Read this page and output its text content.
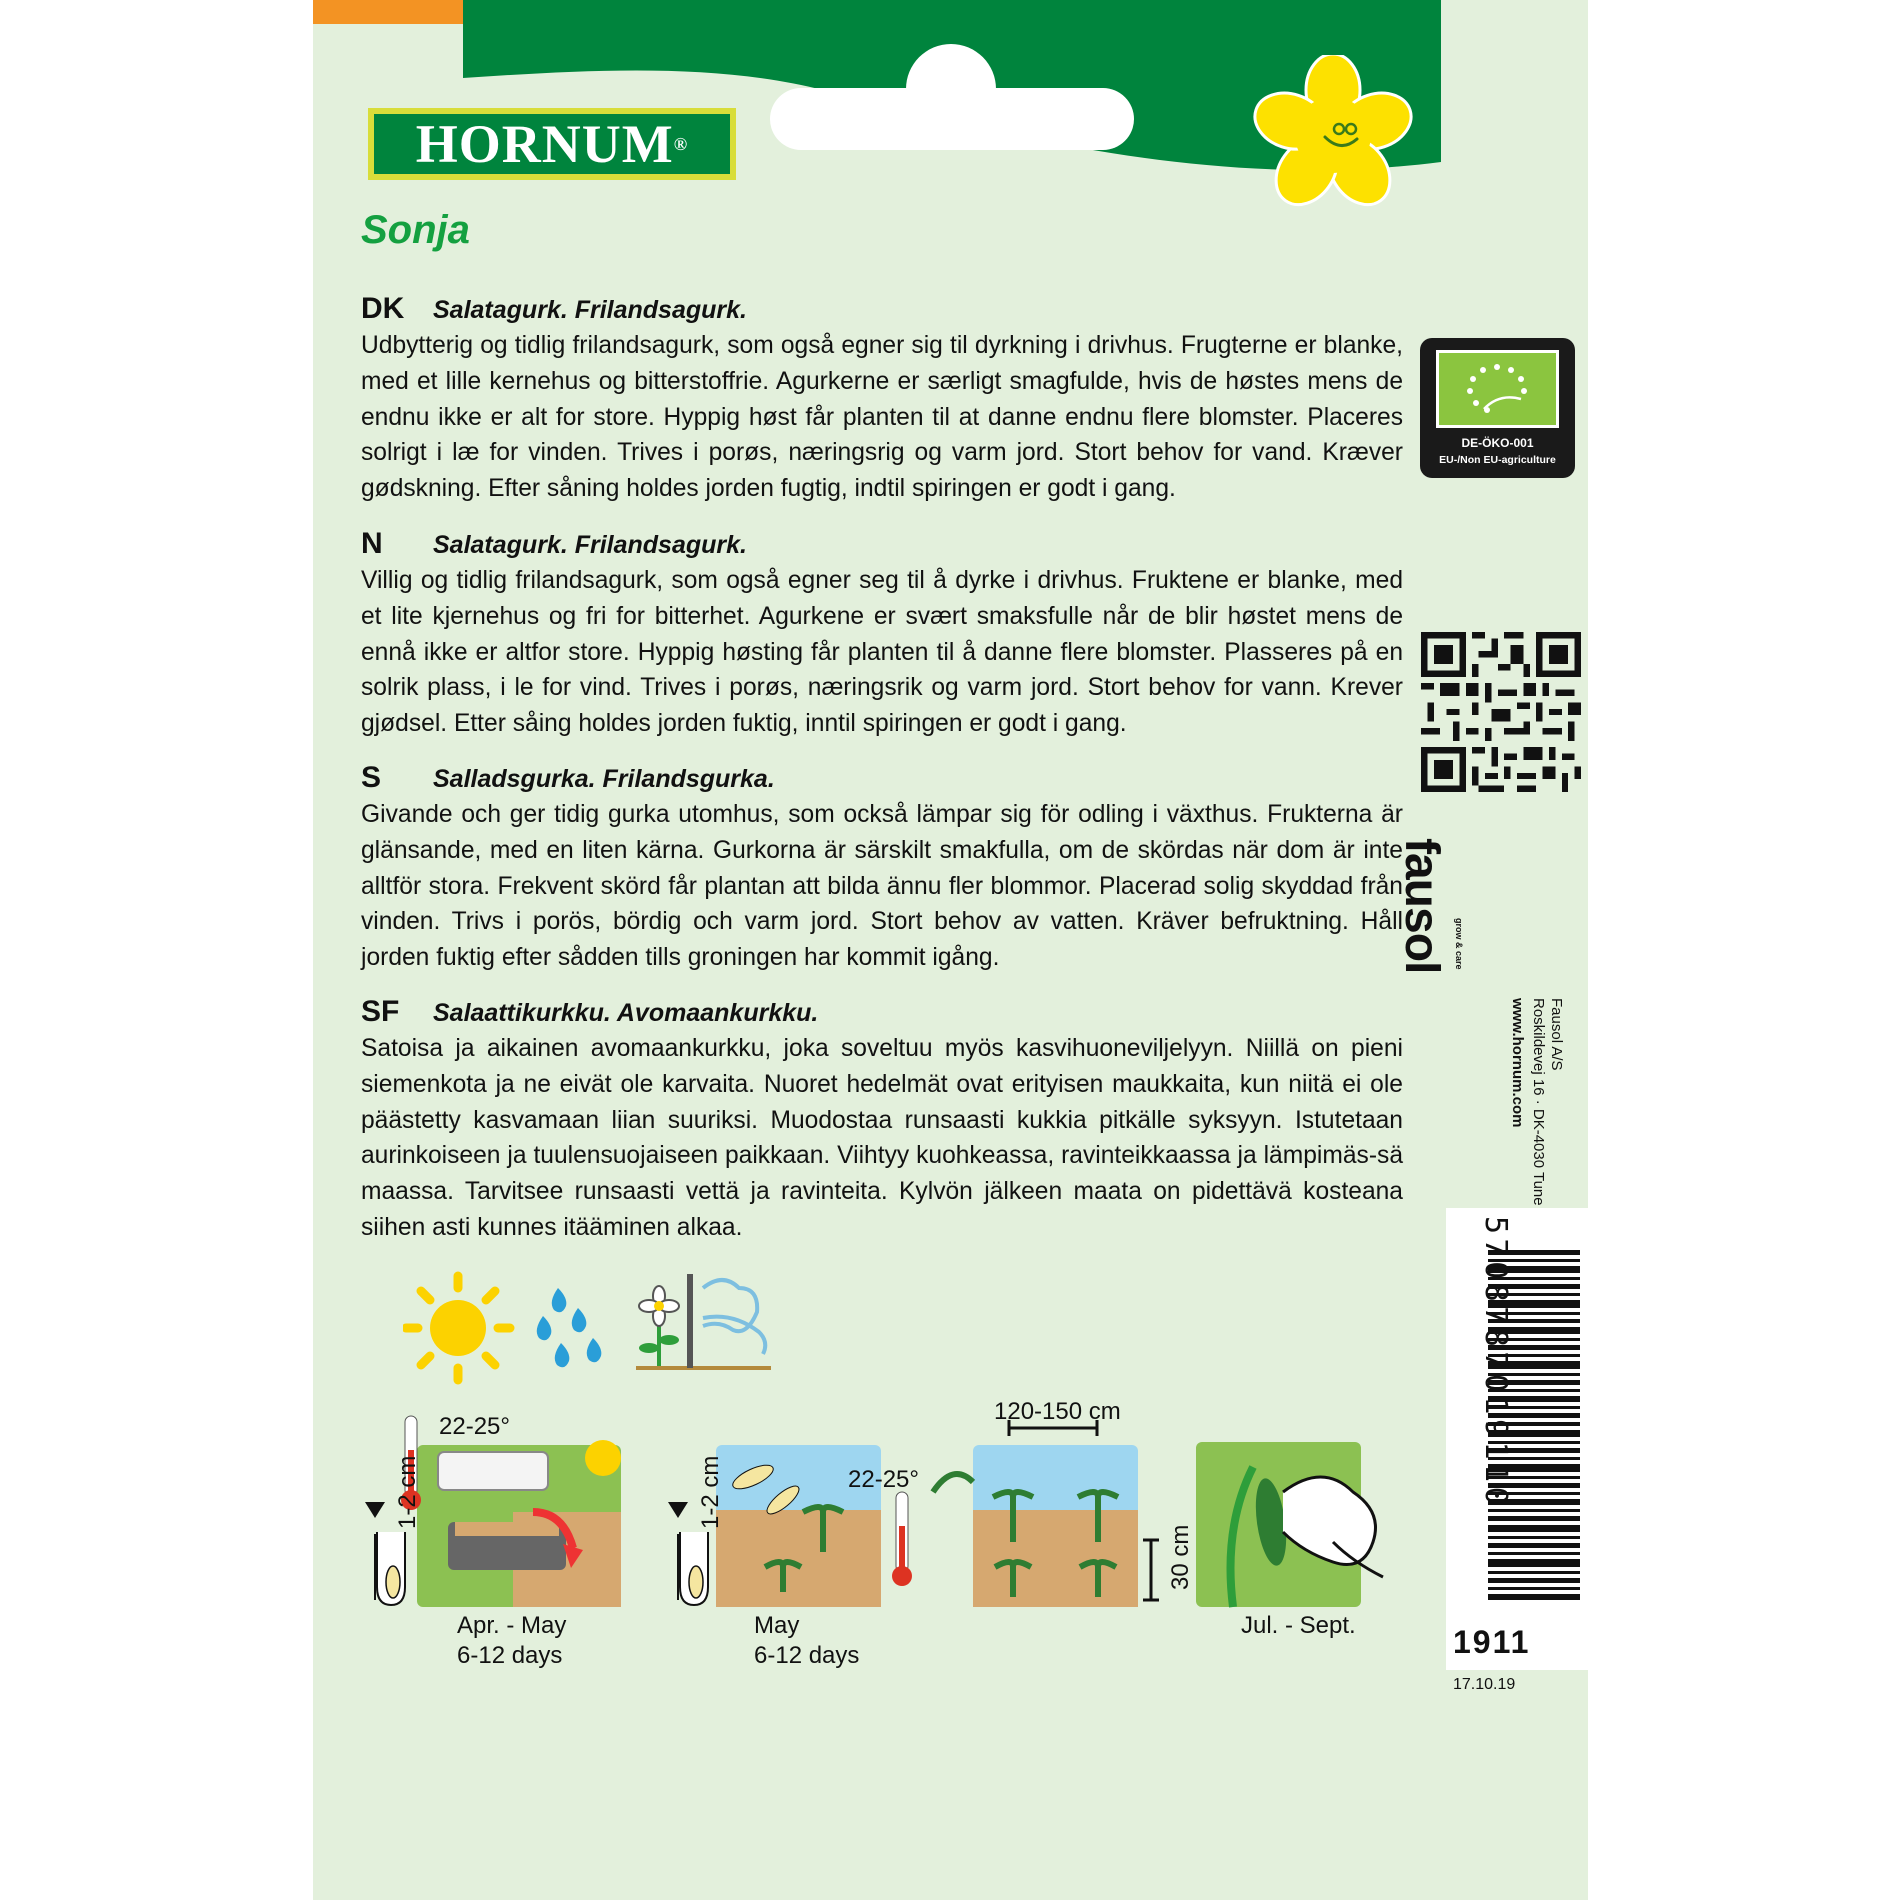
HORNUM ®
Sonja
DK	Salatagurk. Frilandsagurk.
Udbytterig og tidlig frilandsagurk, som også egner sig til dyrkning i drivhus. Frugterne er blanke, med et lille kernehus og bitterstoffrie. Agurkerne er særligt smagfulde, hvis de høstes mens de endnu ikke er alt for store. Hyppig høst får planten til at danne endnu flere blomster. Placeres solrigt i læ for vinden. Trives i porøs, næringsrig og varm jord. Stort behov for vand. Kræver gødskning. Efter såning holdes jorden fugtig, indtil spiringen er godt i gang.
N	Salatagurk. Frilandsagurk.
Villig og tidlig frilandsagurk, som også egner seg til å dyrke i drivhus. Fruktene er blanke, med et lite kjernehus og fri for bitterhet. Agurkene er svært smaksfulle når de blir høstet mens de ennå ikke er altfor store. Hyppig høsting får planten til å danne flere blomster. Plasseres på en solrik plass, i le for vind. Trives i porøs, næringsrik og varm jord. Stort behov for vann. Krever gjødsel. Etter såing holdes jorden fuktig, inntil spiringen er godt i gang.
S	Salladsgurka. Frilandsgurka.
Givande och ger tidig gurka utomhus, som också lämpar sig för odling i växthus. Frukterna är glänsande, med en liten kärna. Gurkorna är särskilt smakfulla, om de skördas när dom är inte alltför stora. Frekvent skörd får plantan att bilda ännu fler blommor. Placerad solig skyddad från vinden. Trivs i porös, bördig och varm jord. Stort behov av vatten. Kräver befruktning. Håll jorden fuktig efter sådden tills groningen har kommit igång.
SF	Salaattikurkku. Avomaankurkku.
Satoisa ja aikainen avomaankurkku, joka soveltuu myös kasvihuoneviljelyyn. Niillä on pieni siemenkota ja ne eivät ole karvaita. Nuoret hedelmät ovat erityisen maukkaita, kun niitä ei ole päästetty kasvamaan liian suuriksi. Muodostaa runsaasti kukkia pitkälle syksyyn. Istutetaan aurinkoiseen ja tuulensuojaiseen paikkaan. Viihtyy kuohkeassa, ravinteikkaassa ja lämpimäs-sä maassa. Tarvitsee runsaasti vettä ja ravinteita. Kylvön jälkeen maata on pidettävä kosteana siihen asti kunnes itääminen alkaa.
DE-ÖKO-001
EU-/Non EU-agriculture
fausol grow & care
Fausol A/S
Roskildevej 16 · DK-4030 Tune
www.hornum.com
5708787019110
1911
17.10.19
22-25°
1-2 cm
Apr. - May
6-12 days
22-25°
1-2 cm
May
6-12 days
120-150 cm
30 cm
Jul. - Sept.
